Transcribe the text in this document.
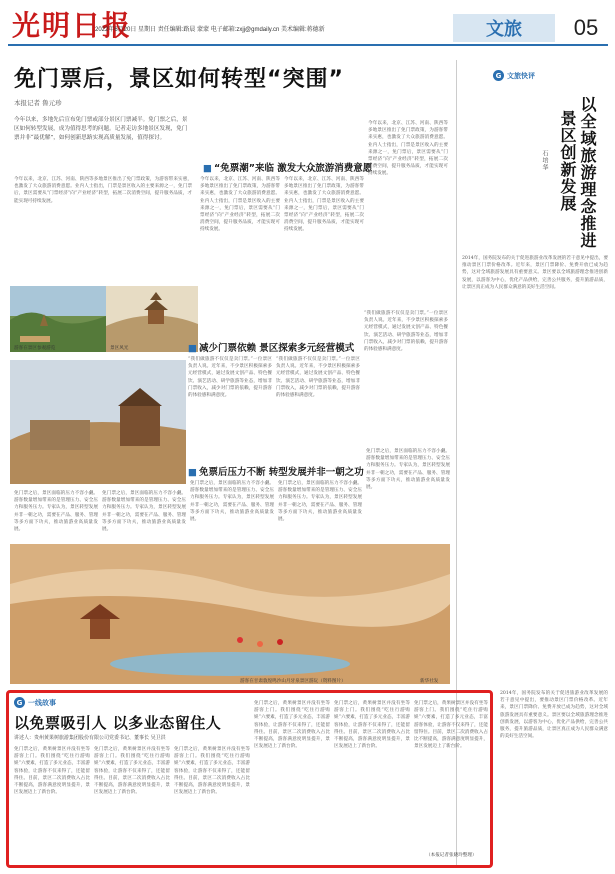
光明日报
2022年6月20日 星期日 责任编辑:路晨 蒙蒙 电子邮箱:zxjj@gmdaily.cn 美术编辑:蒋德新	文旅	05
免门票后，景区如何转型“突围”
本报记者 鲁元珍
今年以来，多地先后宣布免门票或部分景区门票减半。免门票之后，景区如何转型发展，成为值得思考的问题。记者走访多地景区发现，免门票并非“最优解”，如何创新思路实现高质量发展，值得探讨。
今年以来，北京、江苏、河南、陕西等多地景区推出了免门票政策，为游客带来实惠，也激发了大众旅游消费意愿。业内人士指出，门票是景区收入的主要来源之一，免门票后，景区需要从“门票经济”向“产业经济”转型，拓展二次消费空间，提升服务品质，才能实现可持续发展。
游客在景区参观游览	景区风光
■ “免票潮”来临 激发大众旅游消费意愿
今年以来，北京、江苏、河南、陕西等多地景区推出了免门票政策，为游客带来实惠，也激发了大众旅游消费意愿。业内人士指出，门票是景区收入的主要来源之一，免门票后，景区需要从“门票经济”向“产业经济”转型，拓展二次消费空间，提升服务品质，才能实现可持续发展。
今年以来，北京、江苏、河南、陕西等多地景区推出了免门票政策，为游客带来实惠，也激发了大众旅游消费意愿。业内人士指出，门票是景区收入的主要来源之一，免门票后，景区需要从“门票经济”向“产业经济”转型，拓展二次消费空间，提升服务品质，才能实现可持续发展。
今年以来，北京、江苏、河南、陕西等多地景区推出了免门票政策，为游客带来实惠，也激发了大众旅游消费意愿。业内人士指出，门票是景区收入的主要来源之一，免门票后，景区需要从“门票经济”向“产业经济”转型，拓展二次消费空间，提升服务品质，才能实现可持续发展。
■ 减少门票依赖 景区探索多元经营模式
“我们做旅游不仅仅是卖门票。”一位景区负责人说。近年来，不少景区积极探索多元经营模式，通过发展文创产品、特色餐饮、演艺活动、研学旅游等业态，增加非门票收入，减少对门票的依赖，提升游客的体验感和满意度。
“我们做旅游不仅仅是卖门票。”一位景区负责人说。近年来，不少景区积极探索多元经营模式，通过发展文创产品、特色餐饮、演艺活动、研学旅游等业态，增加非门票收入，减少对门票的依赖，提升游客的体验感和满意度。
“我们做旅游不仅仅是卖门票。”一位景区负责人说。近年来，不少景区积极探索多元经营模式，通过发展文创产品、特色餐饮、演艺活动、研学旅游等业态，增加非门票收入，减少对门票的依赖，提升游客的体验感和满意度。
■ 免票后压力不断 转型发展并非一朝之功
免门票之后，景区面临的压力不容小觑。游客数量增加带来的是管理压力、安全压力和服务压力。专家认为，景区转型发展并非一朝之功，需要在产品、服务、管理等多方面下功夫，推动旅游业高质量发展。
免门票之后，景区面临的压力不容小觑。游客数量增加带来的是管理压力、安全压力和服务压力。专家认为，景区转型发展并非一朝之功，需要在产品、服务、管理等多方面下功夫，推动旅游业高质量发展。
免门票之后，景区面临的压力不容小觑。游客数量增加带来的是管理压力、安全压力和服务压力。专家认为，景区转型发展并非一朝之功，需要在产品、服务、管理等多方面下功夫，推动旅游业高质量发展。
免门票之后，景区面临的压力不容小觑。游客数量增加带来的是管理压力、安全压力和服务压力。专家认为，景区转型发展并非一朝之功，需要在产品、服务、管理等多方面下功夫，推动旅游业高质量发展。
免门票之后，景区面临的压力不容小觑。游客数量增加带来的是管理压力、安全压力和服务压力。专家认为，景区转型发展并非一朝之功，需要在产品、服务、管理等多方面下功夫，推动旅游业高质量发展。
游客在甘肃敦煌鸣沙山月牙泉景区游玩（资料图片）	新华社发
G 文旅快评
以全域旅游理念推进
景区创新发展
石培华
2014年，国务院发布的关于促进旅游业改革发展的若干意见中提出，要推动景区门票价格改革。近年来，景区门票降价、免费开放已成为趋势，这对全域旅游发展具有重要意义。景区要以全域旅游理念推进创新发展，以游客为中心，优化产品供给，完善公共服务，提升旅游品质，让景区真正成为人民群众满意的美好生活空间。
2014年，国务院发布的关于促进旅游业改革发展的若干意见中提出，要推动景区门票价格改革。近年来，景区门票降价、免费开放已成为趋势，这对全域旅游发展具有重要意义。景区要以全域旅游理念推进创新发展，以游客为中心，优化产品供给，完善公共服务，提升旅游品质，让景区真正成为人民群众满意的美好生活空间。
G 一线故事
以免票吸引人 以多业态留住人
讲述人：贵州黄果树旅游集团股份有限公司党委书记、董事长 吴卫洪
免门票之后，黄果树景区并没有坐等游客上门。我们围绕“吃住行游购娱”六要素，打造了多元业态，丰富游客体验，让游客不仅来得了，还能留得住。目前，景区二次消费收入占比不断提高，游客满意度明显提升，景区发展迈上了新台阶。
免门票之后，黄果树景区并没有坐等游客上门。我们围绕“吃住行游购娱”六要素，打造了多元业态，丰富游客体验，让游客不仅来得了，还能留得住。目前，景区二次消费收入占比不断提高，游客满意度明显提升，景区发展迈上了新台阶。
免门票之后，黄果树景区并没有坐等游客上门。我们围绕“吃住行游购娱”六要素，打造了多元业态，丰富游客体验，让游客不仅来得了，还能留得住。目前，景区二次消费收入占比不断提高，游客满意度明显提升，景区发展迈上了新台阶。
免门票之后，黄果树景区并没有坐等游客上门。我们围绕“吃住行游购娱”六要素，打造了多元业态，丰富游客体验，让游客不仅来得了，还能留得住。目前，景区二次消费收入占比不断提高，游客满意度明显提升，景区发展迈上了新台阶。
免门票之后，黄果树景区并没有坐等游客上门。我们围绕“吃住行游购娱”六要素，打造了多元业态，丰富游客体验，让游客不仅来得了，还能留得住。目前，景区二次消费收入占比不断提高，游客满意度明显提升，景区发展迈上了新台阶。
免门票之后，黄果树景区并没有坐等游客上门。我们围绕“吃住行游购娱”六要素，打造了多元业态，丰富游客体验，让游客不仅来得了，还能留得住。目前，景区二次消费收入占比不断提高，游客满意度明显提升，景区发展迈上了新台阶。
（本报记者张晓玲整理）
